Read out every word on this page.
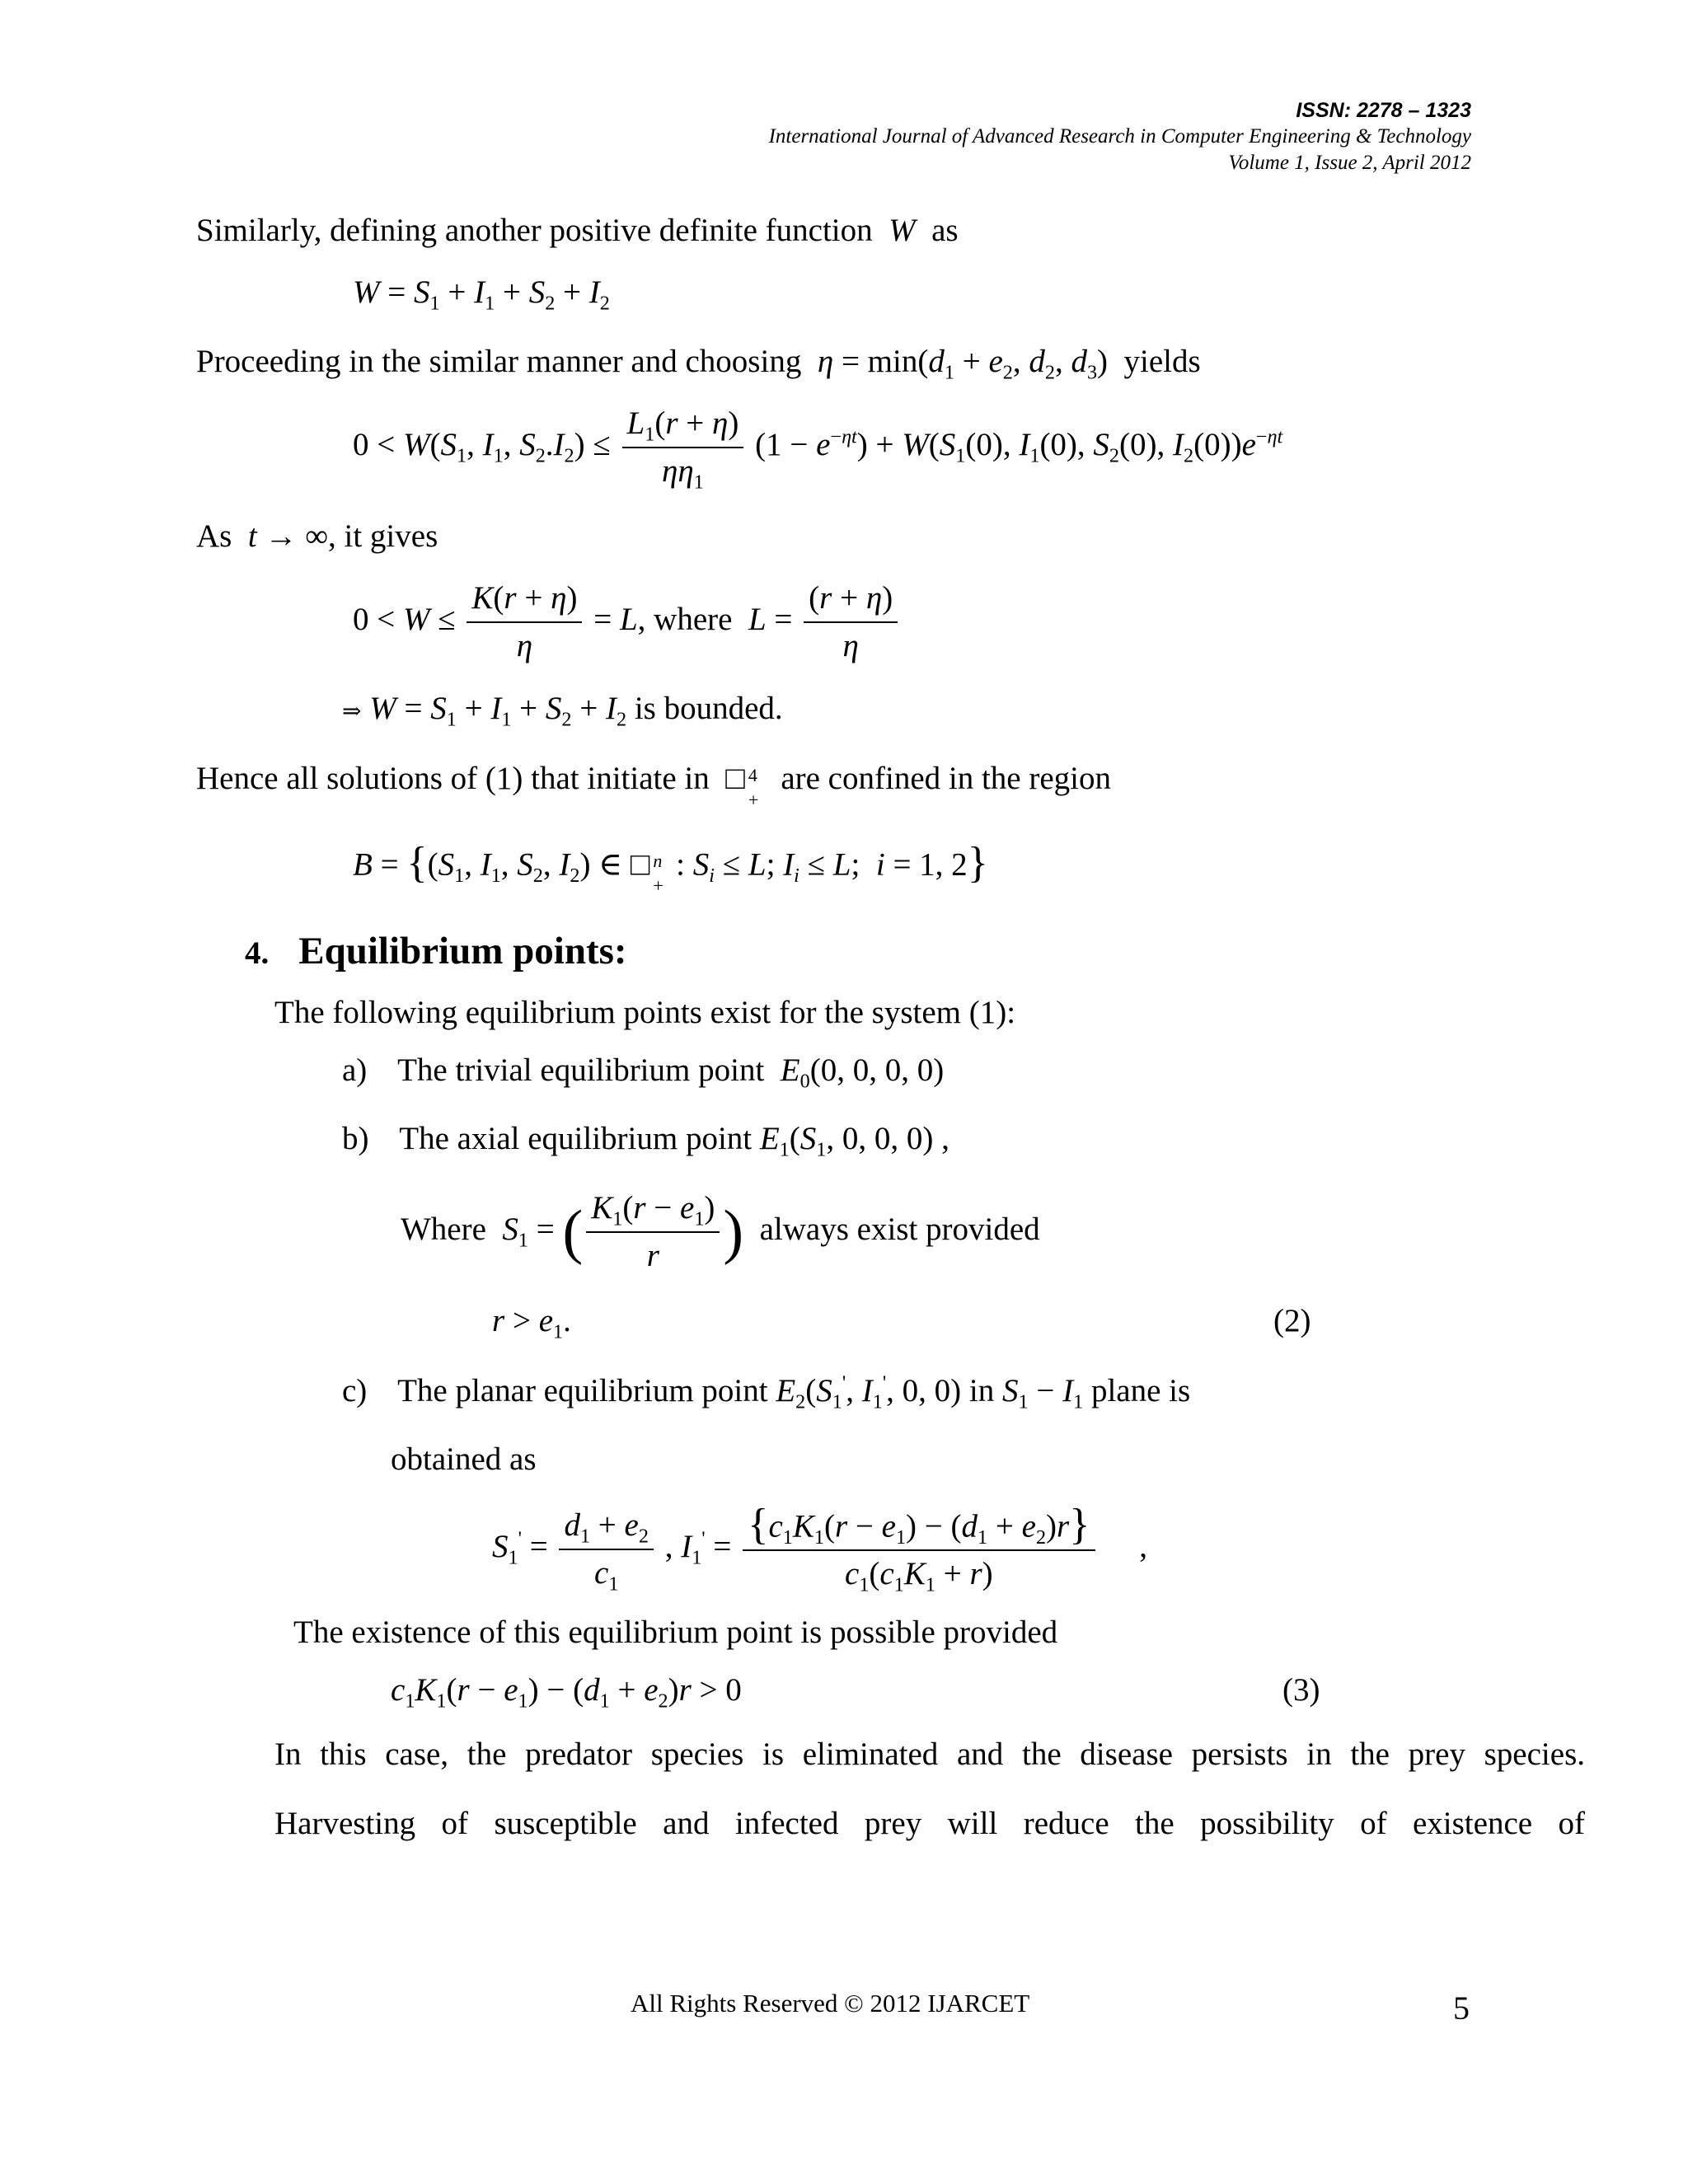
ISSN: 2278 – 1323
International Journal of Advanced Research in Computer Engineering & Technology
Volume 1, Issue 2, April 2012
Similarly, defining another positive definite function  W  as
$W = S_1 + I_1 + S_2 + I_2$
Proceeding in the similar manner and choosing $\eta = \min(d_1 + e_2$, $d_2$, $d_3$)  yields
$0 < W(S_1$, $I_1$, $S_2.I_2) \le \frac{L_1(r + \eta)}{\eta\eta_1} (1 - e^{-\eta t}) + W(S_1(0)$, $I_1(0)$, $S_2(0)$, $I_2(0))e^{-\eta t}$
As  t → ∞, it gives
$0 < W \le \frac{K(r + \eta)}{\eta} = L$, where $L = \frac{(r + \eta)}{\eta}$
⇒ $W = S_1 + I_1 + S_2 + I_2$ is bounded.
Hence all solutions of (1) that initiate in  □ 4
+
are confined in the region
$B = \{(S_1$, $I_1$, $S_2$, $I_2$) ∈ □ n
+
: $S_i \le L$; $I_i \le L$;  i = 1, 2}
4. Equilibrium points:
The following equilibrium points exist for the system (1):
a) The trivial equilibrium point $E_0(0$, 0, 0, 0)
b) The axial equilibrium point $E_1(S_1$, 0, 0, 0) ,
Where $S_1$ = ( $\frac{K_1(r - e_1)}{r}$ ) always exist provided
$r > e_1$.	(2)
c) The planar equilibrium point $E_2(S_1'$, $I_1'$, 0, 0) in $S_1 - I_1$ plane is
obtained as
$S_1' = \frac{d_1 + e_2}{c_1}$ , $I_1' = \frac{\{c_1K_1(r - e_1) - (d_1 + e_2)r\}}{c_1(c_1K_1 + r)}$ ,
The existence of this equilibrium point is possible provided
$c_1K_1(r - e_1) - (d_1 + e_2)r > 0$	(3)
In this case, the predator species is eliminated and the disease persists in the prey species.
Harvesting of susceptible and infected prey will reduce the possibility of existence of
All Rights Reserved © 2012 IJARCET	5
